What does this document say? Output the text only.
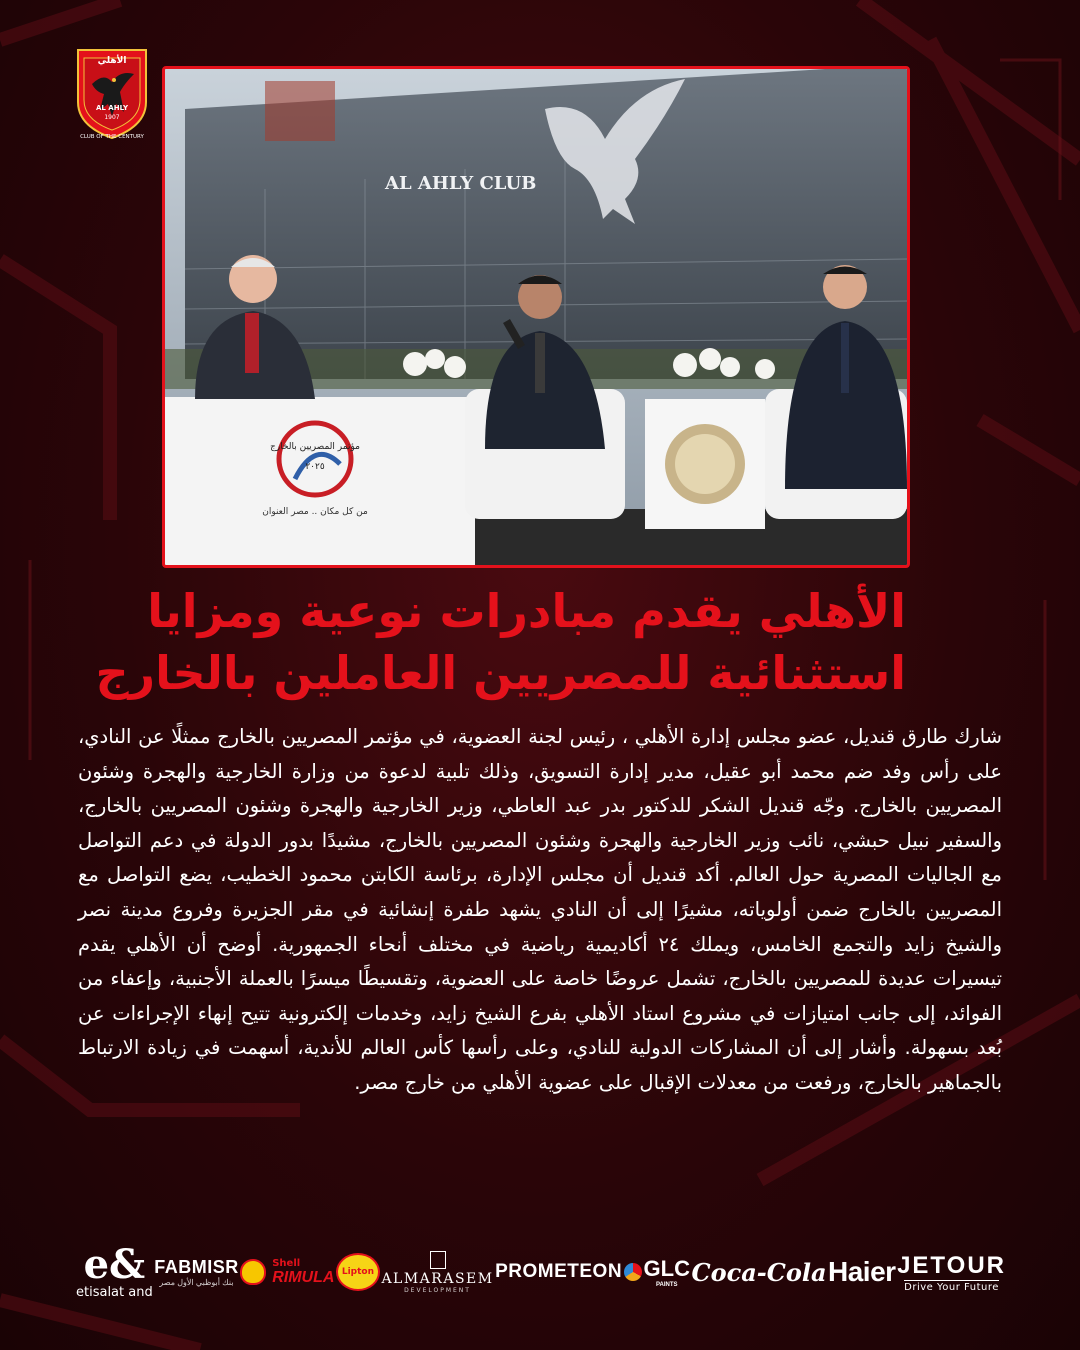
الأهلي
AL AHLY
1907
CLUB OF THE CENTURY
AL AHLY CLUB
مؤتمر المصريين بالخارج
٢٠٢٥
من كل مكان .. مصر العنوان
الأهلي يقدم مبادرات نوعية ومزايا
استثنائية للمصريين العاملين بالخارج
شارك طارق قنديل، عضو مجلس إدارة الأهلي ، رئيس لجنة العضوية، في مؤتمر المصريين بالخارج ممثلًا عن النادي، على رأس وفد ضم محمد أبو عقيل، مدير إدارة التسويق، وذلك تلبية لدعوة من وزارة الخارجية والهجرة وشئون المصريين بالخارج. وجّه قنديل الشكر للدكتور بدر عبد العاطي، وزير الخارجية والهجرة وشئون المصريين بالخارج، والسفير نبيل حبشي، نائب وزير الخارجية والهجرة وشئون المصريين بالخارج، مشيدًا بدور الدولة في دعم التواصل مع الجاليات المصرية حول العالم. أكد قنديل أن مجلس الإدارة، برئاسة الكابتن محمود الخطيب، يضع التواصل مع المصريين بالخارج ضمن أولوياته، مشيرًا إلى أن النادي يشهد طفرة إنشائية في مقر الجزيرة وفروع مدينة نصر والشيخ زايد والتجمع الخامس، ويملك ٢٤ أكاديمية رياضية في مختلف أنحاء الجمهورية. أوضح أن الأهلي يقدم تيسيرات عديدة للمصريين بالخارج، تشمل عروضًا خاصة على العضوية، وتقسيطًا ميسرًا بالعملة الأجنبية، وإعفاء من الفوائد، إلى جانب امتيازات في مشروع استاد الأهلي بفرع الشيخ زايد، وخدمات إلكترونية تتيح إنهاء الإجراءات عن بُعد بسهولة. وأشار إلى أن المشاركات الدولية للنادي، وعلى رأسها كأس العالم للأندية، أسهمت في زيادة الارتباط بالجماهير بالخارج، ورفعت من معدلات الإقبال على عضوية الأهلي من خارج مصر.
e&
etisalat and
FABMISR
بنك أبوظبي الأول مصر
Shell
RIMULA Lipton ALMARASEM
DEVELOPMENT
PROMETEON GLC
PAINTS Coca-Cola Haier JETOUR
Drive Your Future
